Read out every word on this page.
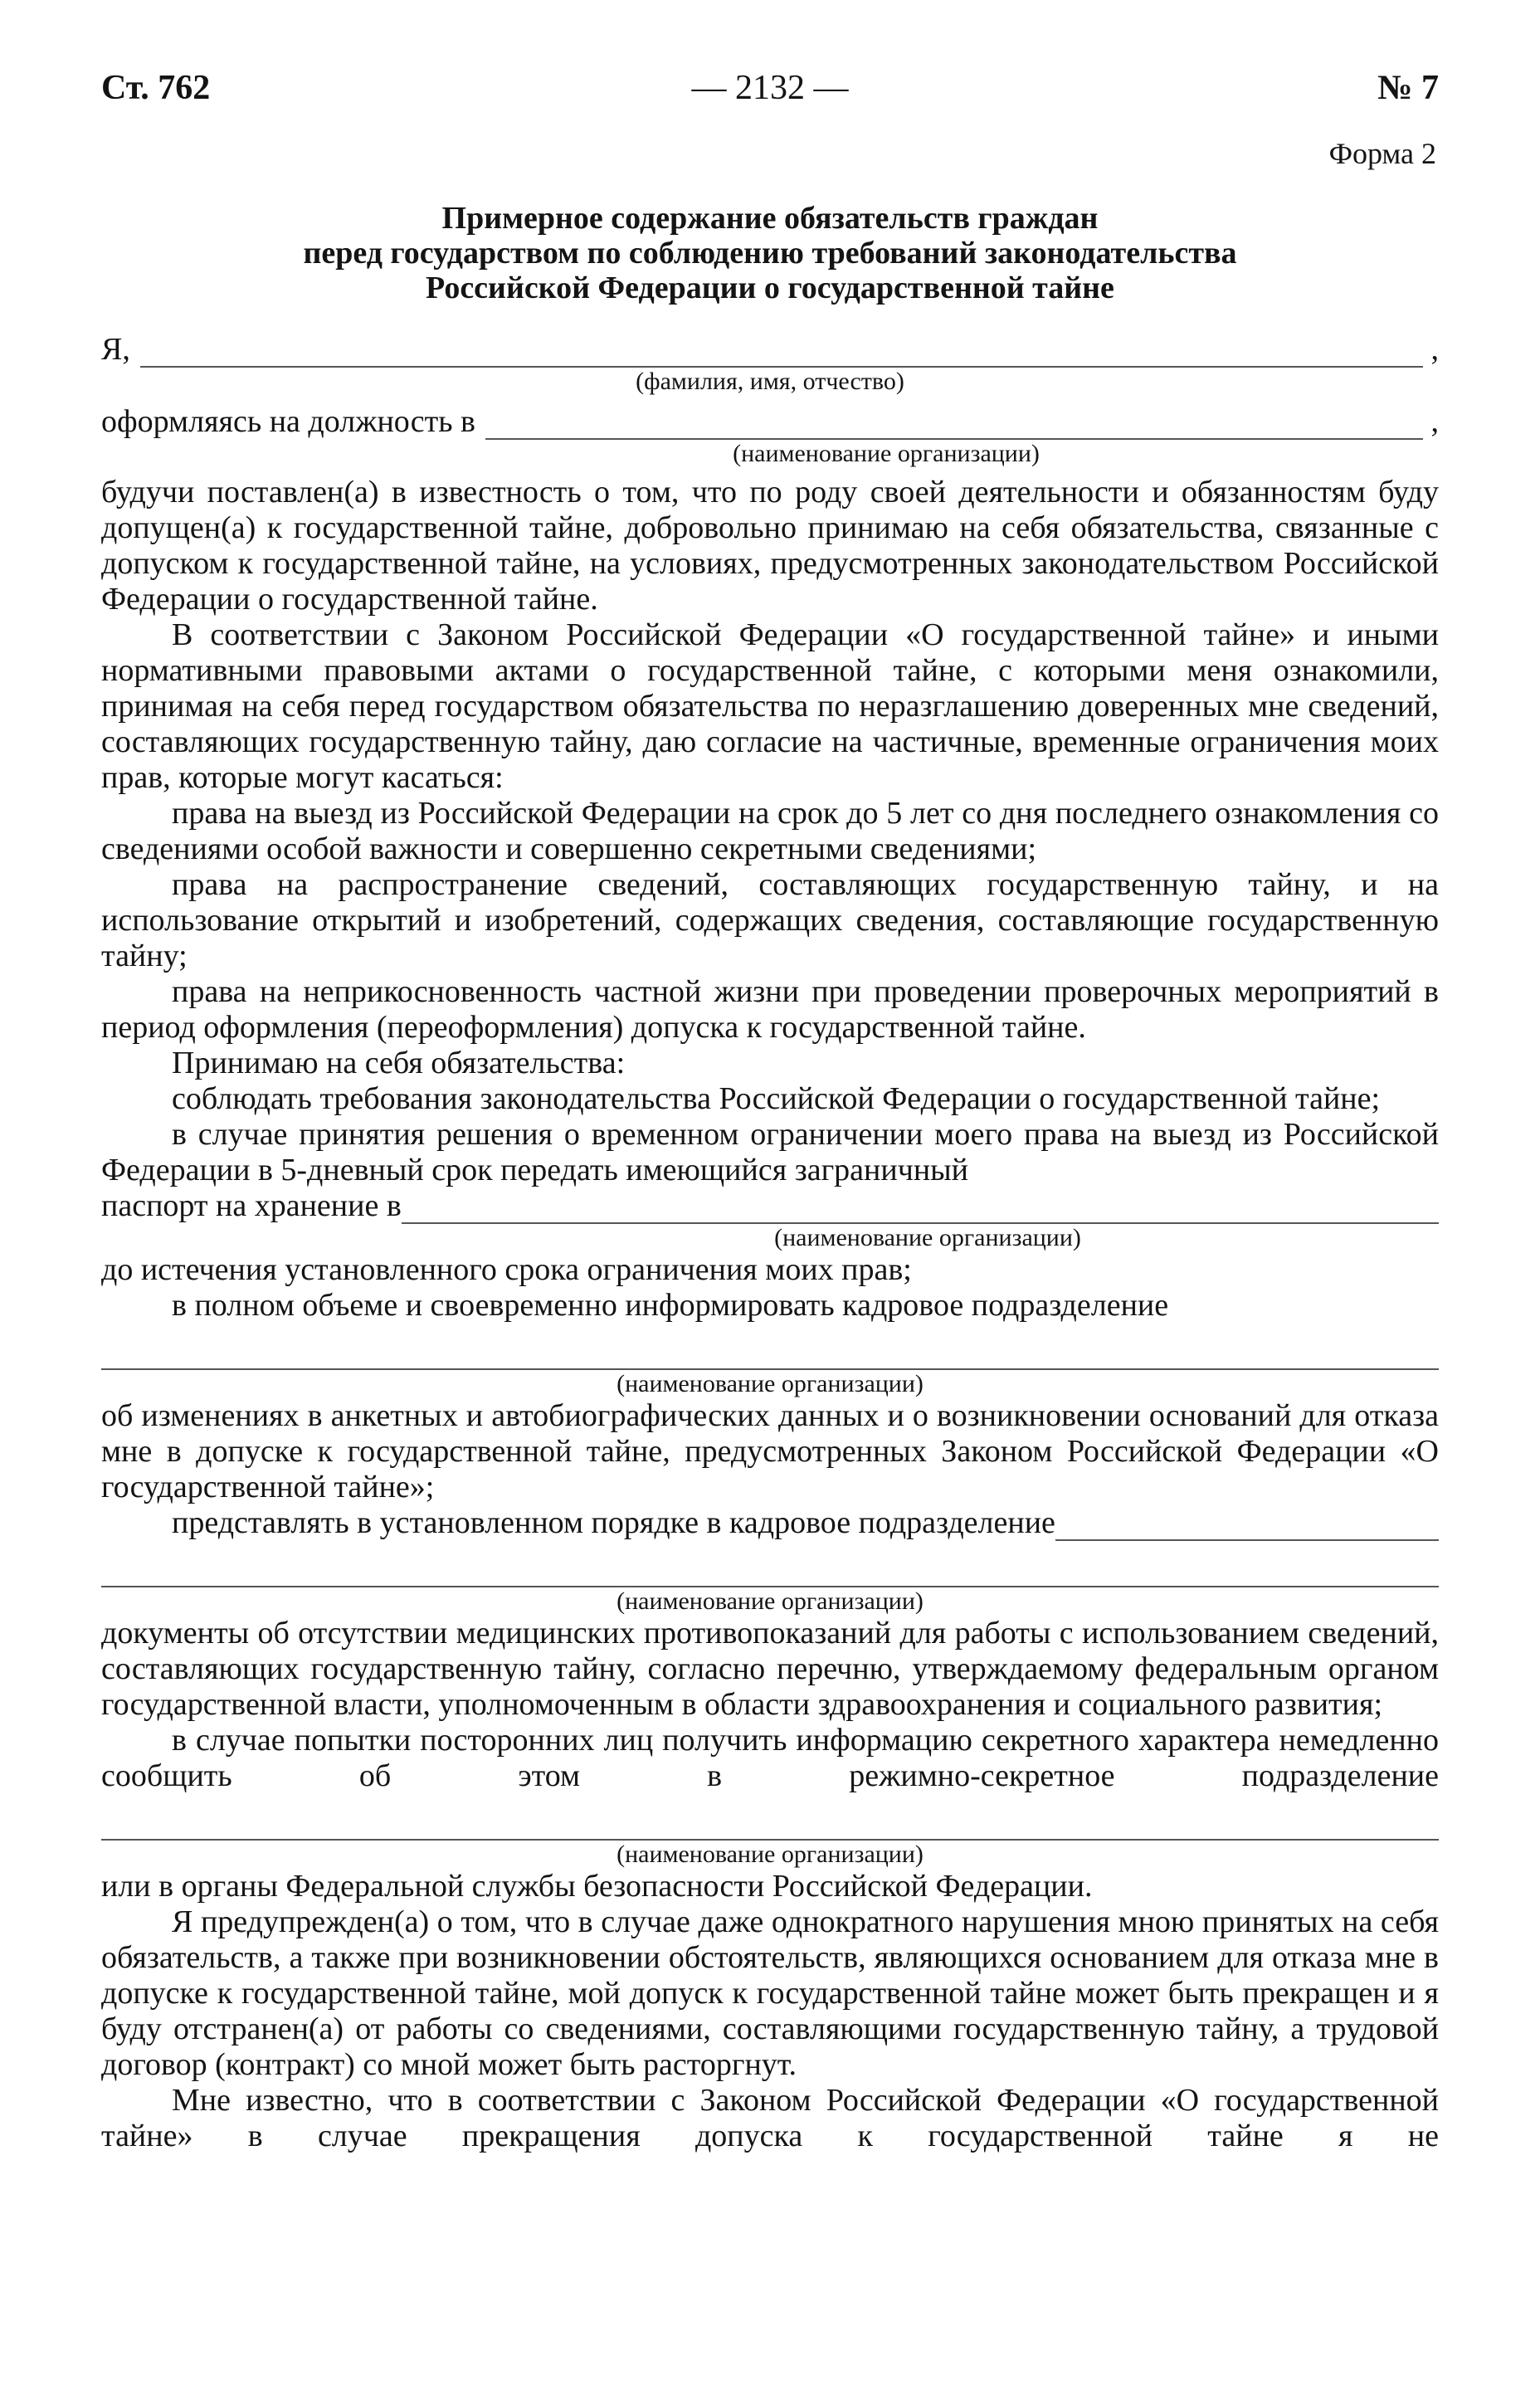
— 2132 —
Ст. 762	№ 7
Форма 2
Примерное содержание обязательств граждан
перед государством по соблюдению требований законодательства
Российской Федерации о государственной тайне
Я,	,
(фамилия, имя, отчество)
оформляясь на должность в	,
(наименование организации)

будучи поставлен(а) в известность о том, что по роду своей деятельности и обязанностям буду допущен(а) к государственной тайне, добровольно принимаю на себя обязательства, связанные с допуском к государственной тайне, на условиях, предусмотренных законодательством Российской Федерации о государственной тайне.

В соответствии с Законом Российской Федерации «О государственной тайне» и иными нормативными правовыми актами о государственной тайне, с которыми меня ознакомили, принимая на себя перед государством обязательства по неразглашению доверенных мне сведений, составляющих государственную тайну, даю согласие на частичные, временные ограничения моих прав, которые могут касаться:

права на выезд из Российской Федерации на срок до 5 лет со дня последнего ознакомления со сведениями особой важности и совершенно секретными сведениями;

права на распространение сведений, составляющих государственную тайну, и на использование открытий и изобретений, содержащих сведения, составляющие государственную тайну;

права на неприкосновенность частной жизни при проведении проверочных мероприятий в период оформления (переоформления) допуска к государственной тайне.

Принимаю на себя обязательства:

соблюдать требования законодательства Российской Федерации о государственной тайне;

в случае принятия решения о временном ограничении моего права на выезд из Российской Федерации в 5-дневный срок передать имеющийся заграничный

паспорт на хранение в
(наименование организации)

до истечения установленного срока ограничения моих прав;

в полном объеме и своевременно информировать кадровое подразделение

(наименование организации)

об изменениях в анкетных и автобиографических данных и о возникновении оснований для отказа мне в допуске к государственной тайне, предусмотренных Законом Российской Федерации «О государственной тайне»;

представлять в установленном порядке в кадровое подразделение
(наименование организации)

документы об отсутствии медицинских противопоказаний для работы с использованием сведений, составляющих государственную тайну, согласно перечню, утверждаемому федеральным органом государственной власти, уполномоченным в области здравоохранения и социального развития;

в случае попытки посторонних лиц получить информацию секретного характера немедленно сообщить об этом в режимно-секретное подразделение

(наименование организации)

или в органы Федеральной службы безопасности Российской Федерации.

Я предупрежден(а) о том, что в случае даже однократного нарушения мною принятых на себя обязательств, а также при возникновении обстоятельств, являющихся основанием для отказа мне в допуске к государственной тайне, мой допуск к государственной тайне может быть прекращен и я буду отстранен(а) от работы со сведениями, составляющими государственную тайну, а трудовой договор (контракт) со мной может быть расторгнут.

Мне известно, что в соответствии с Законом Российской Федерации «О государственной тайне» в случае прекращения допуска к государственной тайне я не
